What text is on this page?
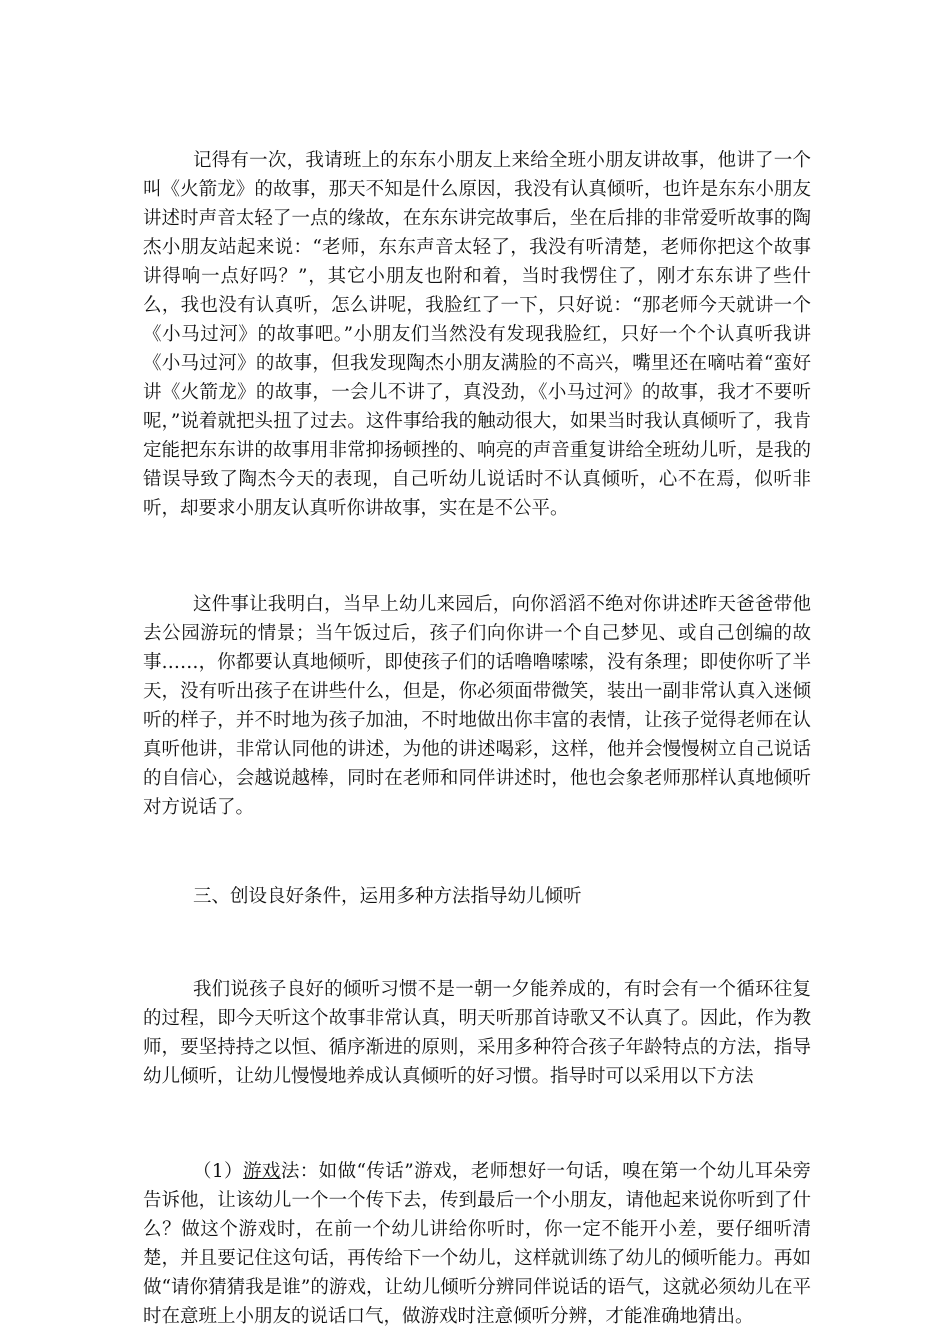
记得有一次，我请班上的东东小朋友上来给全班小朋友讲故事，他讲了一个叫《火箭龙》的故事，那天不知是什么原因，我没有认真倾听，也许是东东小朋友讲述时声音太轻了一点的缘故，在东东讲完故事后，坐在后排的非常爱听故事的陶杰小朋友站起来说：“老师，东东声音太轻了，我没有听清楚，老师你把这个故事讲得响一点好吗？”，其它小朋友也附和着，当时我愣住了，刚才东东讲了些什么，我也没有认真听，怎么讲呢，我脸红了一下，只好说：“那老师今天就讲一个《小马过河》的故事吧。”小朋友们当然没有发现我脸红，只好一个个认真听我讲《小马过河》的故事，但我发现陶杰小朋友满脸的不高兴，嘴里还在嘀咕着“蛮好讲《火箭龙》的故事，一会儿不讲了，真没劲，《小马过河》的故事，我才不要听呢，”说着就把头扭了过去。这件事给我的触动很大，如果当时我认真倾听了，我肯定能把东东讲的故事用非常抑扬顿挫的、响亮的声音重复讲给全班幼儿听，是我的错误导致了陶杰今天的表现，自己听幼儿说话时不认真倾听，心不在焉，似听非听，却要求小朋友认真听你讲故事，实在是不公平。

这件事让我明白，当早上幼儿来园后，向你滔滔不绝对你讲述昨天爸爸带他去公园游玩的情景；当午饭过后，孩子们向你讲一个自己梦见、或自己创编的故事……，你都要认真地倾听，即使孩子们的话噜噜嗦嗦，没有条理；即使你听了半天，没有听出孩子在讲些什么，但是，你必须面带微笑，装出一副非常认真入迷倾听的样子，并不时地为孩子加油，不时地做出你丰富的表情，让孩子觉得老师在认真听他讲，非常认同他的讲述，为他的讲述喝彩，这样，他并会慢慢树立自己说话的自信心，会越说越棒，同时在老师和同伴讲述时，他也会象老师那样认真地倾听对方说话了。

三、创设良好条件，运用多种方法指导幼儿倾听

我们说孩子良好的倾听习惯不是一朝一夕能养成的，有时会有一个循环往复的过程，即今天听这个故事非常认真，明天听那首诗歌又不认真了。因此，作为教师，要坚持持之以恒、循序渐进的原则，采用多种符合孩子年龄特点的方法，指导幼儿倾听，让幼儿慢慢地养成认真倾听的好习惯。指导时可以采用以下方法

（1）游戏法：如做“传话”游戏，老师想好一句话，嗅在第一个幼儿耳朵旁告诉他，让该幼儿一个一个传下去，传到最后一个小朋友，请他起来说你听到了什么？做这个游戏时，在前一个幼儿讲给你听时，你一定不能开小差，要仔细听清楚，并且要记住这句话，再传给下一个幼儿，这样就训练了幼儿的倾听能力。再如做“请你猜猜我是谁”的游戏，让幼儿倾听分辨同伴说话的语气，这就必须幼儿在平时在意班上小朋友的说话口气，做游戏时注意倾听分辨，才能准确地猜出。
